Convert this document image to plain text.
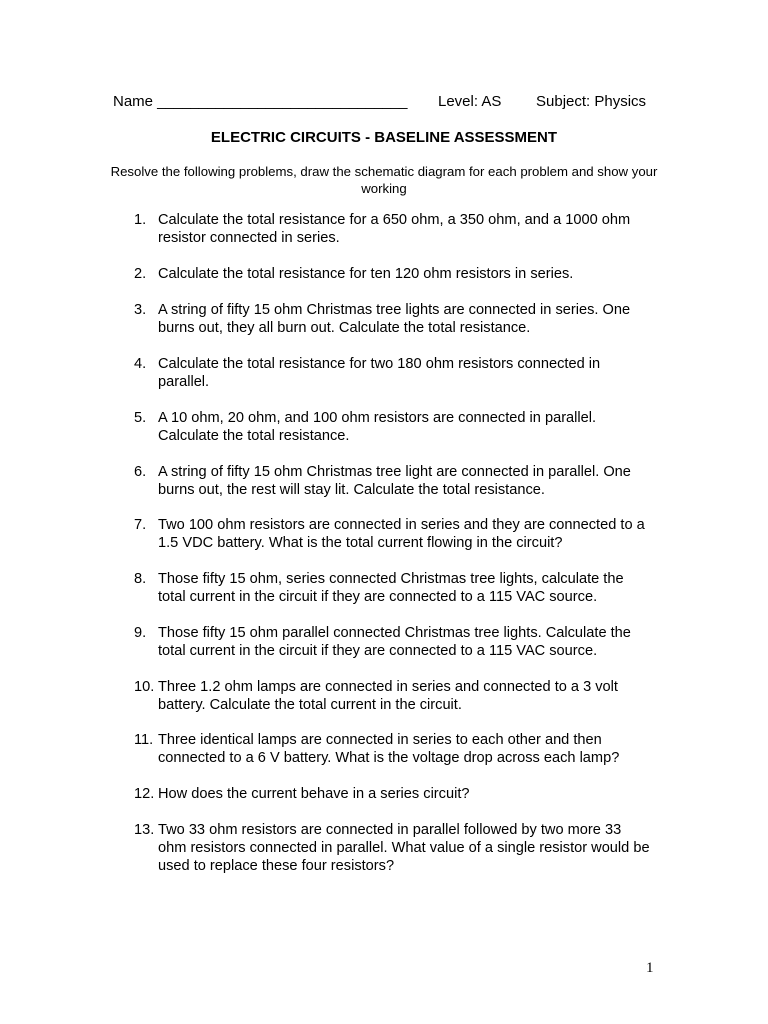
Name ______________________________ Level: AS Subject: Physics
ELECTRIC CIRCUITS - BASELINE ASSESSMENT
Resolve the following problems, draw the schematic diagram for each problem and show your working
1. Calculate the total resistance for a 650 ohm, a 350 ohm, and a 1000 ohm resistor connected in series.
2. Calculate the total resistance for ten 120 ohm resistors in series.
3. A string of fifty 15 ohm Christmas tree lights are connected in series. One burns out, they all burn out. Calculate the total resistance.
4. Calculate the total resistance for two 180 ohm resistors connected in parallel.
5. A 10 ohm, 20 ohm, and 100 ohm resistors are connected in parallel. Calculate the total resistance.
6. A string of fifty 15 ohm Christmas tree light are connected in parallel. One burns out, the rest will stay lit. Calculate the total resistance.
7. Two 100 ohm resistors are connected in series and they are connected to a 1.5 VDC battery. What is the total current flowing in the circuit?
8. Those fifty 15 ohm, series connected Christmas tree lights, calculate the total current in the circuit if they are connected to a 115 VAC source.
9. Those fifty 15 ohm parallel connected Christmas tree lights. Calculate the total current in the circuit if they are connected to a 115 VAC source.
10. Three 1.2 ohm lamps are connected in series and connected to a 3 volt battery. Calculate the total current in the circuit.
11. Three identical lamps are connected in series to each other and then connected to a 6 V battery. What is the voltage drop across each lamp?
12. How does the current behave in a series circuit?
13. Two 33 ohm resistors are connected in parallel followed by two more 33 ohm resistors connected in parallel. What value of a single resistor would be used to replace these four resistors?
1
